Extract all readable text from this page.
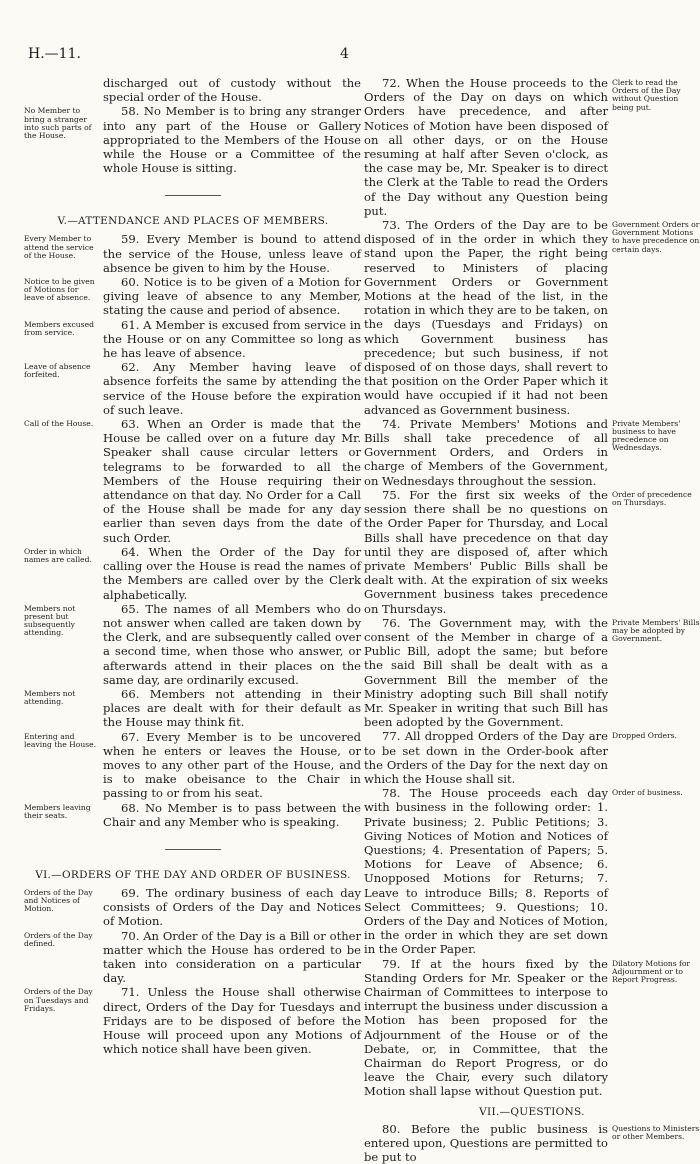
H.—11.	4

discharged out of custody without the special order of the House.

No Member to bring a stranger into such parts of the House.

58. No Member is to bring any stranger into any part of the House or Gallery appropriated to the Members of the House while the House or a Committee of the whole House is sitting.

V.—ATTENDANCE AND PLACES OF MEMBERS.
Every Member to attend the service of the House.

59. Every Member is bound to attend the service of the House, unless leave of absence be given to him by the House.

Notice to be given of Motions for leave of absence.

60. Notice is to be given of a Motion for giving leave of absence to any Member, stating the cause and period of absence.

Members excused from service.

61. A Member is excused from service in the House or on any Committee so long as he has leave of absence.

Leave of absence forfeited.

62. Any Member having leave of absence forfeits the same by attending the service of the House before the expiration of such leave.

Call of the House.	63. When an Order is made that the House be called over on a future day Mr. Speaker shall cause circular letters or telegrams to be forwarded to all the Members of the House requiring their attendance on that day. No Order for a Call of the House shall be made for any day earlier than seven days from the date of such Order.

Order in which names are called.

64. When the Order of the Day for calling over the House is read the names of the Members are called over by the Clerk alphabetically.

Members not present but subsequently attending.

65. The names of all Members who do not answer when called are taken down by the Clerk, and are subsequently called over a second time, when those who answer, or afterwards attend in their places on the same day, are ordinarily excused.

Members not attending.

66. Members not attending in their places are dealt with for their default as the House may think fit.

Entering and leaving the House.

67. Every Member is to be uncovered when he enters or leaves the House, or moves to any other part of the House, and is to make obeisance to the Chair in passing to or from his seat.

Members leaving their seats.

68. No Member is to pass between the Chair and any Member who is speaking.

VI.—ORDERS OF THE DAY AND ORDER OF BUSINESS.
Orders of the Day and Notices of Motion.

69. The ordinary business of each day consists of Orders of the Day and Notices of Motion.

Orders of the Day defined.

70. An Order of the Day is a Bill or other matter which the House has ordered to be taken into consideration on a particular day.

Orders of the Day on Tuesdays and Fridays.

71. Unless the House shall otherwise direct, Orders of the Day for Tuesdays and Fridays are to be disposed of before the House will proceed upon any Motions of which notice shall have been given.

72. When the House proceeds to the Orders of the Day on days on which Orders have precedence, and after Notices of Motion have been disposed of on all other days, or on the House resuming at half after Seven o'clock, as the case may be, Mr. Speaker is to direct the Clerk at the Table to read the Orders of the Day without any Question being put.

Clerk to read the Orders of the Day without Question being put.

73. The Orders of the Day are to be disposed of in the order in which they stand upon the Paper, the right being reserved to Ministers of placing Government Orders or Government Motions at the head of the list, in the rotation in which they are to be taken, on the days (Tuesdays and Fridays) on which Government business has precedence; but such business, if not disposed of on those days, shall revert to that position on the Order Paper which it would have occupied if it had not been advanced as Government business.

Government Orders or Government Motions to have precedence on certain days.

74. Private Members' Motions and Bills shall take precedence of all Government Orders, and Orders in charge of Members of the Government, on Wednesdays throughout the session.

Private Members' business to have precedence on Wednesdays.

75. For the first six weeks of the session there shall be no questions on the Order Paper for Thursday, and Local Bills shall have precedence on that day until they are disposed of, after which private Members' Public Bills shall be dealt with. At the expiration of six weeks Government business takes precedence on Thursdays.

Order of precedence on Thursdays.

76. The Government may, with the consent of the Member in charge of a Public Bill, adopt the same; but before the said Bill shall be dealt with as a Government Bill the member of the Ministry adopting such Bill shall notify Mr. Speaker in writing that such Bill has been adopted by the Government.

Private Members' Bills may be adopted by Government.

77. All dropped Orders of the Day are to be set down in the Order-book after the Orders of the Day for the next day on which the House shall sit.

Dropped Orders.

78. The House proceeds each day with business in the following order: 1. Private business; 2. Public Petitions; 3. Giving Notices of Motion and Notices of Questions; 4. Presentation of Papers; 5. Motions for Leave of Absence; 6. Unopposed Motions for Returns; 7. Leave to introduce Bills; 8. Reports of Select Committees; 9. Questions; 10. Orders of the Day and Notices of Motion, in the order in which they are set down in the Order Paper.

Order of business.

79. If at the hours fixed by the Standing Orders for Mr. Speaker or the Chairman of Committees to interpose to interrupt the business under discussion a Motion has been proposed for the Adjournment of the House or of the Debate, or, in Committee, that the Chairman do Report Progress, or do leave the Chair, every such dilatory Motion shall lapse without Question put.

Dilatory Motions for Adjournment or to Report Progress.
VII.—QUESTIONS.

80. Before the public business is entered upon, Questions are permitted to be put to

Questions to Ministers or other Members.
